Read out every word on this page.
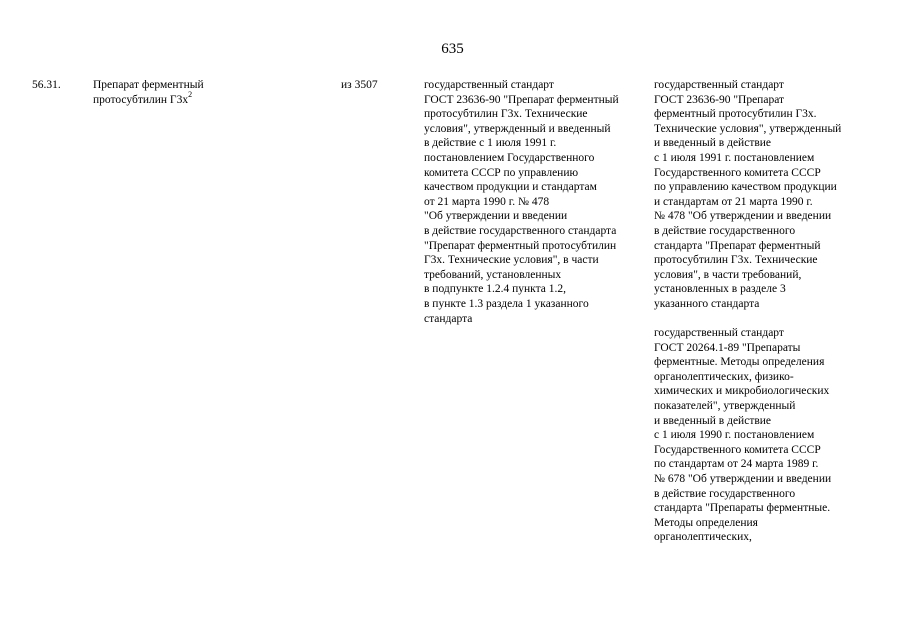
635
56.31.	Препарат ферментный
протосубтилин $Г3х^2$
из 3507	государственный стандарт
ГОСТ 23636-90 "Препарат ферментный
протосубтилин Г3х. Технические
условия", утвержденный и введенный
в действие с 1 июля 1991 г.
постановлением Государственного
комитета СССР по управлению
качеством продукции и стандартам
от 21 марта 1990 г. № 478
"Об утверждении и введении
в действие государственного стандарта
"Препарат ферментный протосубтилин
Г3х. Технические условия", в части
требований, установленных
в подпункте 1.2.4 пункта 1.2,
в пункте 1.3 раздела 1 указанного
стандарта
государственный стандарт
ГОСТ 23636-90 "Препарат
ферментный протосубтилин Г3х.
Технические условия", утвержденный
и введенный в действие
с 1 июля 1991 г. постановлением
Государственного комитета СССР
по управлению качеством продукции
и стандартам от 21 марта 1990 г.
№ 478 "Об утверждении и введении
в действие государственного
стандарта "Препарат ферментный
протосубтилин Г3х. Технические
условия", в части требований,
установленных в разделе 3
указанного стандарта
государственный стандарт
ГОСТ 20264.1-89 "Препараты
ферментные. Методы определения
органолептических, физико-
химических и микробиологических
показателей", утвержденный
и введенный в действие
с 1 июля 1990 г. постановлением
Государственного комитета СССР
по стандартам от 24 марта 1989 г.
№ 678 "Об утверждении и введении
в действие государственного
стандарта "Препараты ферментные.
Методы определения
органолептических,
